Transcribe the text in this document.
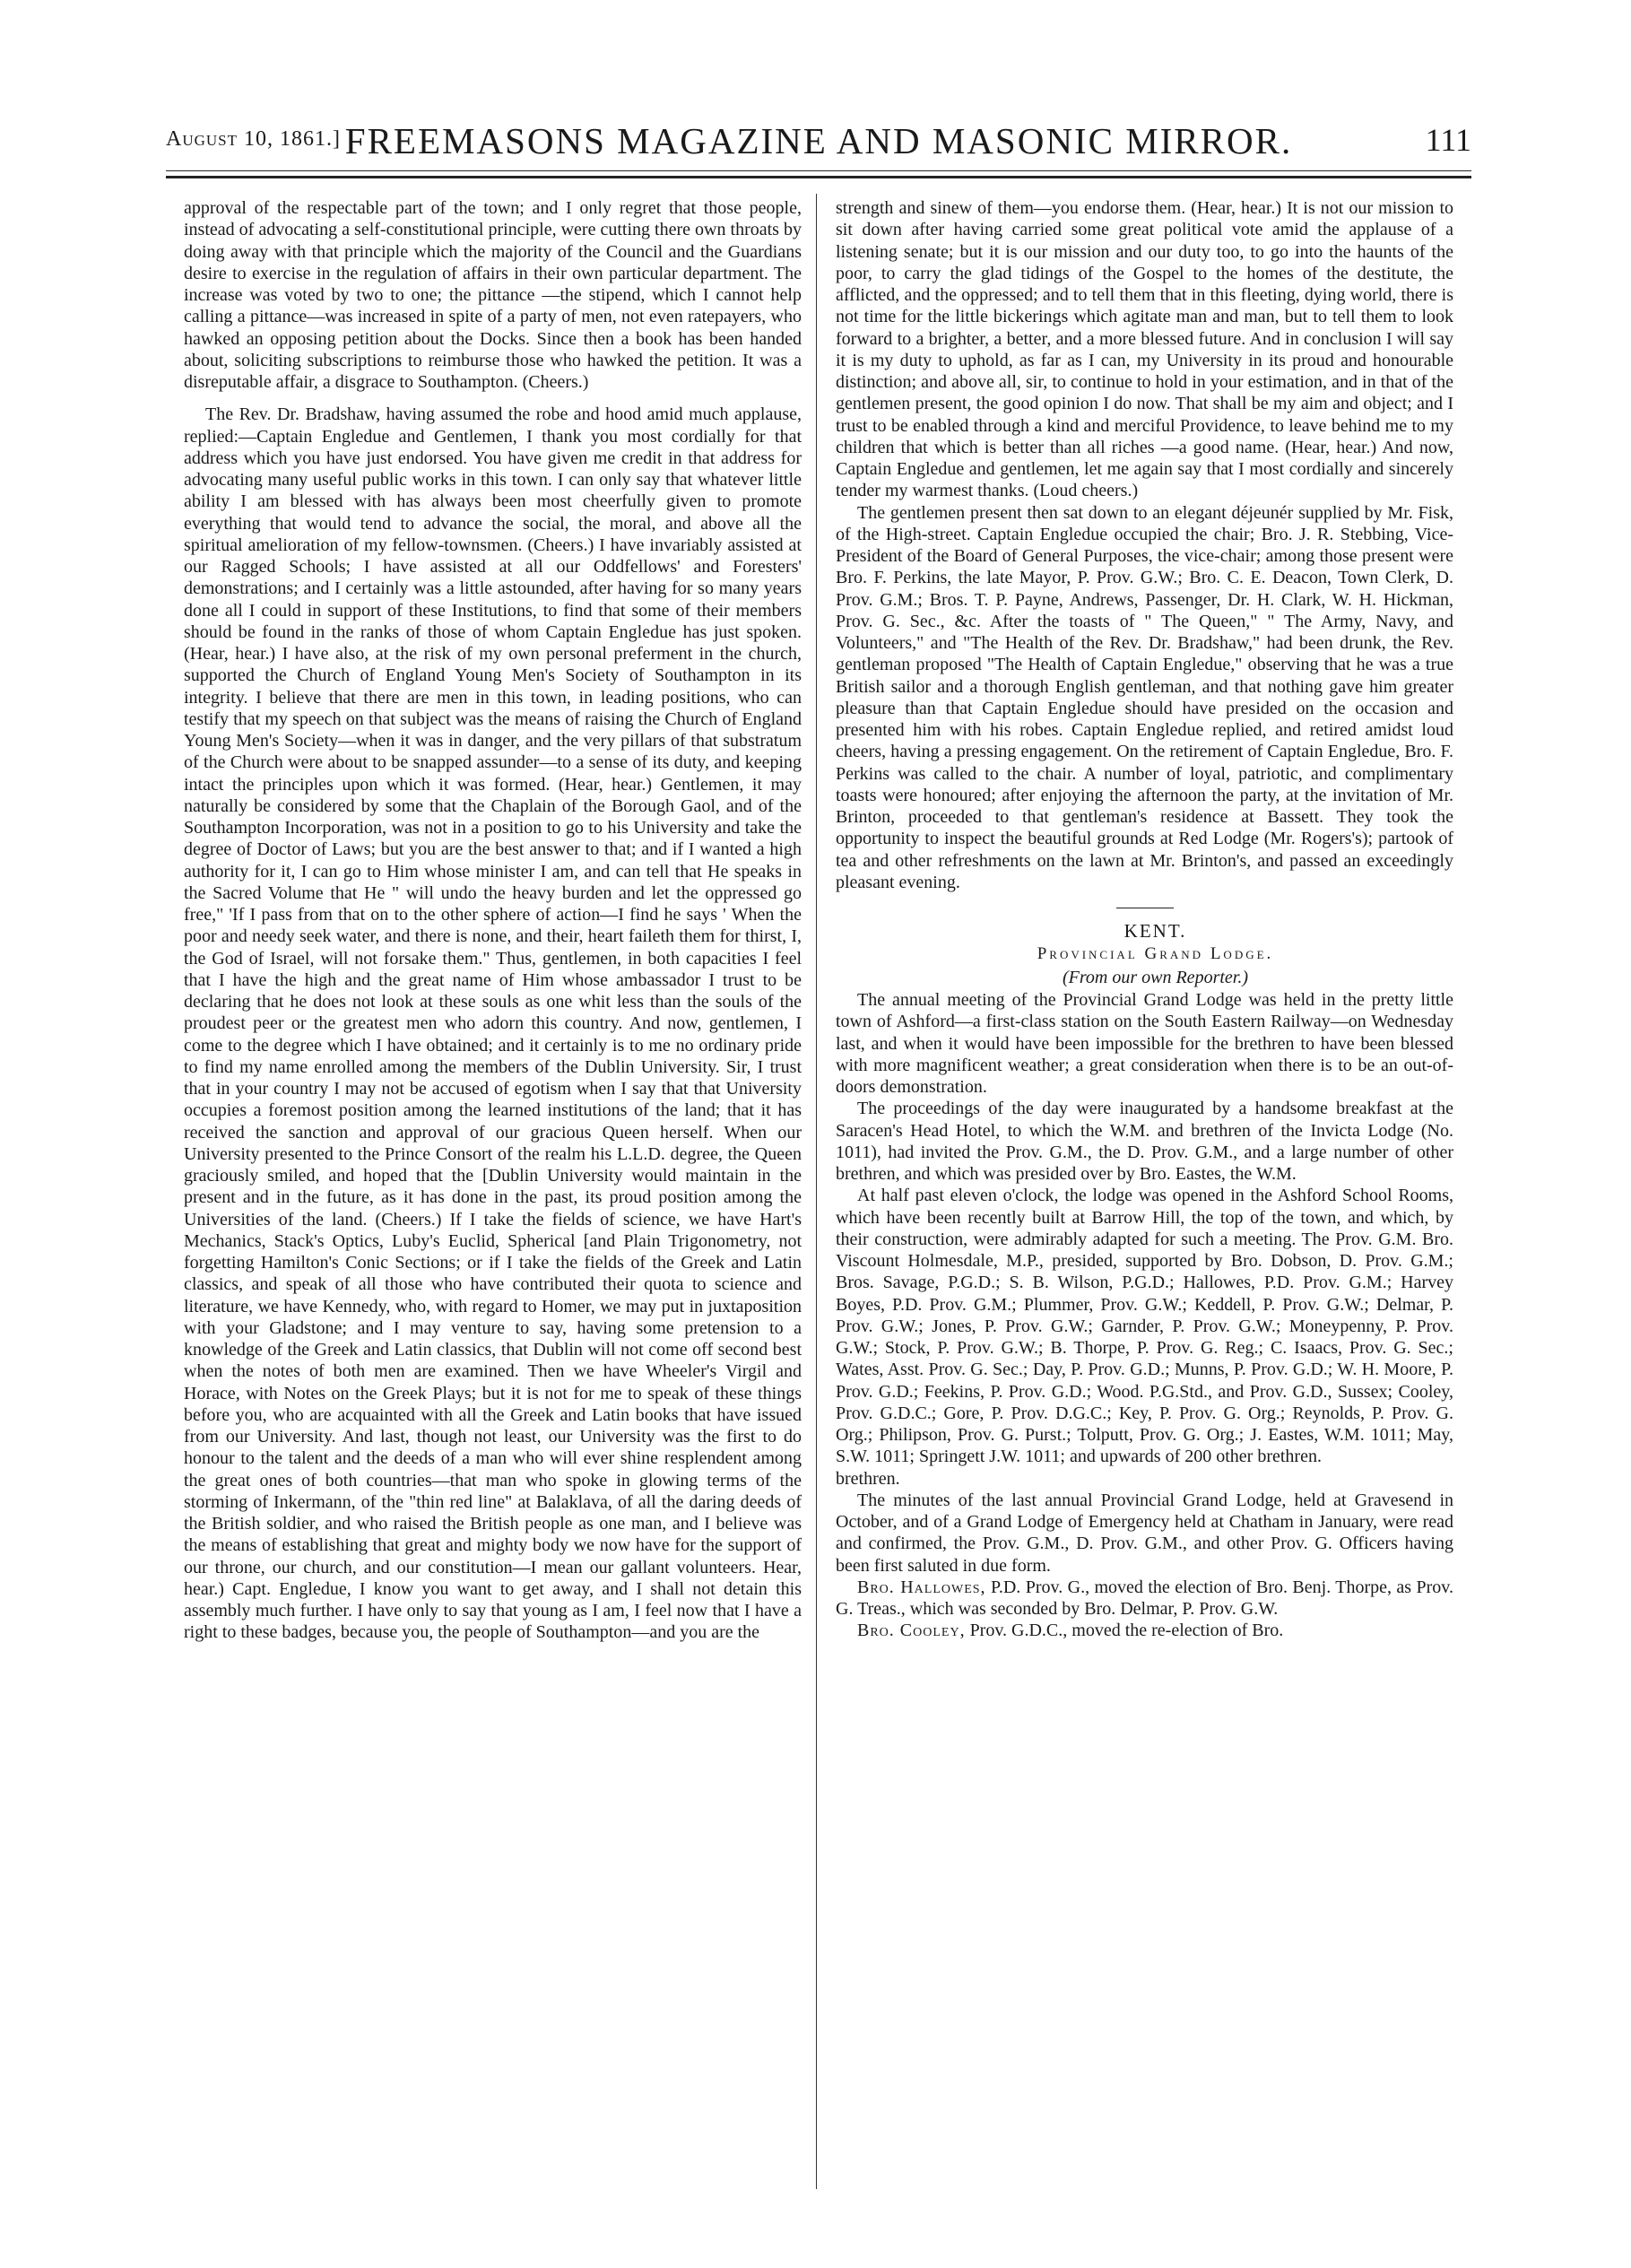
August 10, 1861.] FREEMASONS MAGAZINE AND MASONIC MIRROR.	111

approval of the respectable part of the town; and I only regret that those people, instead of advocating a self-constitutional principle, were cutting there own throats by doing away with that principle which the majority of the Council and the Guardians desire to exercise in the regulation of affairs in their own particular department. The increase was voted by two to one; the pittance —the stipend, which I cannot help calling a pittance—was increased in spite of a party of men, not even ratepayers, who hawked an opposing petition about the Docks. Since then a book has been handed about, soliciting subscriptions to reimburse those who hawked the petition. It was a disreputable affair, a disgrace to Southampton. (Cheers.)

The Rev. Dr. Bradshaw, having assumed the robe and hood amid much applause, replied:—Captain Engledue and Gentlemen, I thank you most cordially for that address which you have just endorsed. You have given me credit in that address for advocating many useful public works in this town. I can only say that whatever little ability I am blessed with has always been most cheerfully given to promote everything that would tend to advance the social, the moral, and above all the spiritual amelioration of my fellow-townsmen. (Cheers.) I have invariably assisted at our Ragged Schools; I have assisted at all our Oddfellows' and Foresters' demonstrations; and I certainly was a little astounded, after having for so many years done all I could in support of these Institutions, to find that some of their members should be found in the ranks of those of whom Captain Engledue has just spoken. (Hear, hear.) I have also, at the risk of my own personal preferment in the church, supported the Church of England Young Men's Society of Southampton in its integrity. I believe that there are men in this town, in leading positions, who can testify that my speech on that subject was the means of raising the Church of England Young Men's Society—when it was in danger, and the very pillars of that substratum of the Church were about to be snapped assunder—to a sense of its duty, and keeping intact the principles upon which it was formed. (Hear, hear.) Gentlemen, it may naturally be considered by some that the Chaplain of the Borough Gaol, and of the Southampton Incorporation, was not in a position to go to his University and take the degree of Doctor of Laws; but you are the best answer to that; and if I wanted a high authority for it, I can go to Him whose minister I am, and can tell that He speaks in the Sacred Volume that He " will undo the heavy burden and let the oppressed go free," 'If I pass from that on to the other sphere of action—I find he says ' When the poor and needy seek water, and there is none, and their, heart faileth them for thirst, I, the God of Israel, will not forsake them." Thus, gentlemen, in both capacities I feel that I have the high and the great name of Him whose ambassador I trust to be declaring that he does not look at these souls as one whit less than the souls of the proudest peer or the greatest men who adorn this country. And now, gentlemen, I come to the degree which I have obtained; and it certainly is to me no ordinary pride to find my name enrolled among the members of the Dublin University. Sir, I trust that in your country I may not be accused of egotism when I say that that University occupies a foremost position among the learned institutions of the land; that it has received the sanction and approval of our gracious Queen herself. When our University presented to the Prince Consort of the realm his L.L.D. degree, the Queen graciously smiled, and hoped that the [Dublin University would maintain in the present and in the future, as it has done in the past, its proud position among the Universities of the land. (Cheers.) If I take the fields of science, we have Hart's Mechanics, Stack's Optics, Luby's Euclid, Spherical [and Plain Trigonometry, not forgetting Hamilton's Conic Sections; or if I take the fields of the Greek and Latin classics, and speak of all those who have contributed their quota to science and literature, we have Kennedy, who, with regard to Homer, we may put in juxtaposition with your Gladstone; and I may venture to say, having some pretension to a knowledge of the Greek and Latin classics, that Dublin will not come off second best when the notes of both men are examined. Then we have Wheeler's Virgil and Horace, with Notes on the Greek Plays; but it is not for me to speak of these things before you, who are acquainted with all the Greek and Latin books that have issued from our University. And last, though not least, our University was the first to do honour to the talent and the deeds of a man who will ever shine resplendent among the great ones of both countries—that man who spoke in glowing terms of the storming of Inkermann, of the "thin red line" at Balaklava, of all the daring deeds of the British soldier, and who raised the British people as one man, and I believe was the means of establishing that great and mighty body we now have for the support of our throne, our church, and our constitution—I mean our gallant volunteers. Hear, hear.) Capt. Engledue, I know you want to get away, and I shall not detain this assembly much further. I have only to say that young as I am, I feel now that I have a right to these badges, because you, the people of Southampton—and you are the

strength and sinew of them—you endorse them. (Hear, hear.) It is not our mission to sit down after having carried some great political vote amid the applause of a listening senate; but it is our mission and our duty too, to go into the haunts of the poor, to carry the glad tidings of the Gospel to the homes of the destitute, the afflicted, and the oppressed; and to tell them that in this fleeting, dying world, there is not time for the little bickerings which agitate man and man, but to tell them to look forward to a brighter, a better, and a more blessed future. And in conclusion I will say it is my duty to uphold, as far as I can, my University in its proud and honourable distinction; and above all, sir, to continue to hold in your estimation, and in that of the gentlemen present, the good opinion I do now. That shall be my aim and object; and I trust to be enabled through a kind and merciful Providence, to leave behind me to my children that which is better than all riches —a good name. (Hear, hear.) And now, Captain Engledue and gentlemen, let me again say that I most cordially and sincerely tender my warmest thanks. (Loud cheers.)

The gentlemen present then sat down to an elegant déjeunér supplied by Mr. Fisk, of the High-street. Captain Engledue occupied the chair; Bro. J. R. Stebbing, Vice-President of the Board of General Purposes, the vice-chair; among those present were Bro. F. Perkins, the late Mayor, P. Prov. G.W.; Bro. C. E. Deacon, Town Clerk, D. Prov. G.M.; Bros. T. P. Payne, Andrews, Passenger, Dr. H. Clark, W. H. Hickman, Prov. G. Sec., &c. After the toasts of " The Queen," " The Army, Navy, and Volunteers," and "The Health of the Rev. Dr. Bradshaw," had been drunk, the Rev. gentleman proposed "The Health of Captain Engledue," observing that he was a true British sailor and a thorough English gentleman, and that nothing gave him greater pleasure than that Captain Engledue should have presided on the occasion and presented him with his robes. Captain Engledue replied, and retired amidst loud cheers, having a pressing engagement. On the retirement of Captain Engledue, Bro. F. Perkins was called to the chair. A number of loyal, patriotic, and complimentary toasts were honoured; after enjoying the afternoon the party, at the invitation of Mr. Brinton, proceeded to that gentleman's residence at Bassett. They took the opportunity to inspect the beautiful grounds at Red Lodge (Mr. Rogers's); partook of tea and other refreshments on the lawn at Mr. Brinton's, and passed an exceedingly pleasant evening.

KENT.

Provincial Grand Lodge.

(From our own Reporter.)

The annual meeting of the Provincial Grand Lodge was held in the pretty little town of Ashford—a first-class station on the South Eastern Railway—on Wednesday last, and when it would have been impossible for the brethren to have been blessed with more magnificent weather; a great consideration when there is to be an out-of-doors demonstration.

The proceedings of the day were inaugurated by a handsome breakfast at the Saracen's Head Hotel, to which the W.M. and brethren of the Invicta Lodge (No. 1011), had invited the Prov. G.M., the D. Prov. G.M., and a large number of other brethren, and which was presided over by Bro. Eastes, the W.M.

At half past eleven o'clock, the lodge was opened in the Ashford School Rooms, which have been recently built at Barrow Hill, the top of the town, and which, by their construction, were admirably adapted for such a meeting. The Prov. G.M. Bro. Viscount Holmesdale, M.P., presided, supported by Bro. Dobson, D. Prov. G.M.; Bros. Savage, P.G.D.; S. B. Wilson, P.G.D.; Hallowes, P.D. Prov. G.M.; Harvey Boyes, P.D. Prov. G.M.; Plummer, Prov. G.W.; Keddell, P. Prov. G.W.; Delmar, P. Prov. G.W.; Jones, P. Prov. G.W.; Garnder, P. Prov. G.W.; Moneypenny, P. Prov. G.W.; Stock, P. Prov. G.W.; B. Thorpe, P. Prov. G. Reg.; C. Isaacs, Prov. G. Sec.; Wates, Asst. Prov. G. Sec.; Day, P. Prov. G.D.; Munns, P. Prov. G.D.; W. H. Moore, P. Prov. G.D.; Feekins, P. Prov. G.D.; Wood. P.G.Std., and Prov. G.D., Sussex; Cooley, Prov. G.D.C.; Gore, P. Prov. D.G.C.; Key, P. Prov. G. Org.; Reynolds, P. Prov. G. Org.; Philipson, Prov. G. Purst.; Tolputt, Prov. G. Org.; J. Eastes, W.M. 1011; May, S.W. 1011; Springett J.W. 1011; and upwards of 200 other brethren.

brethren.

The minutes of the last annual Provincial Grand Lodge, held at Gravesend in October, and of a Grand Lodge of Emergency held at Chatham in January, were read and confirmed, the Prov. G.M., D. Prov. G.M., and other Prov. G. Officers having been first saluted in due form.

Bro. Hallowes, P.D. Prov. G., moved the election of Bro. Benj. Thorpe, as Prov. G. Treas., which was seconded by Bro. Delmar, P. Prov. G.W.

Bro. Cooley, Prov. G.D.C., moved the re-election of Bro.
